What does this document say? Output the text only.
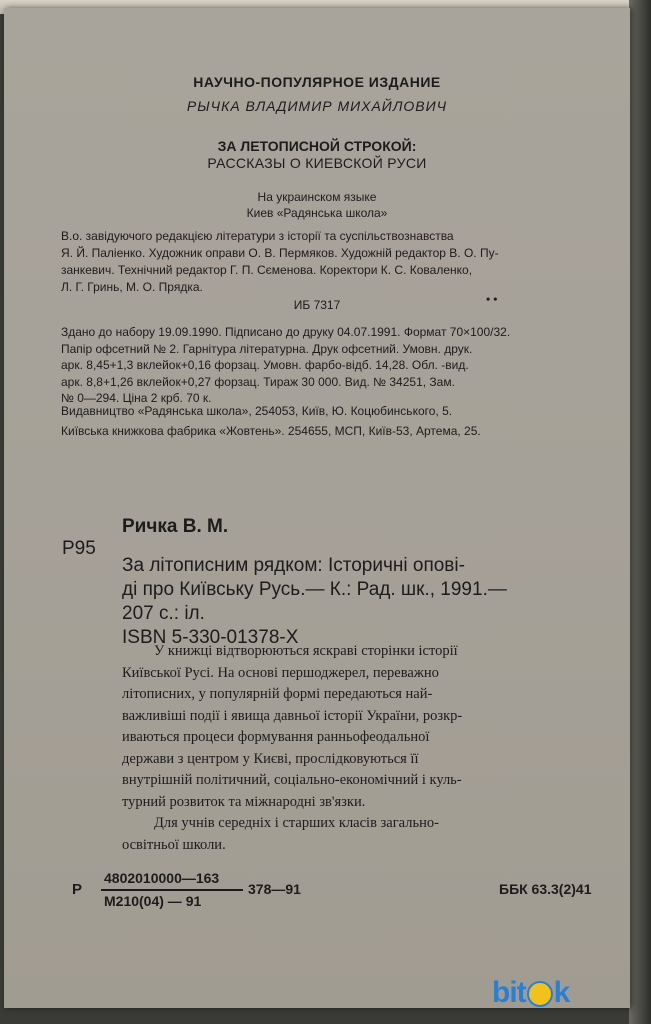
НАУЧНО-ПОПУЛЯРНОЕ ИЗДАНИЕ
РЫЧКА ВЛАДИМИР МИХАЙЛОВИЧ
ЗА ЛЕТОПИСНОЙ СТРОКОЙ:
РАССКАЗЫ О КИЕВСКОЙ РУСИ
На украинском языке
Киев «Радянська школа»
В.о. завідуючого редакцією літератури з історії та суспільствознавства
Я. Й. Паліенко. Художник оправи О. В. Пермяков. Художній редактор В. О. Пу-
занкевич. Технічний редактор Г. П. Сєменова. Коректори К. С. Коваленко,
Л. Г. Гринь, М. О. Прядка.
ИБ 7317	• •
Здано до набору 19.09.1990. Підписано до друку 04.07.1991. Формат 70×100/32.
Папір офсетний № 2. Гарнітура літературна. Друк офсетний. Умовн. друк.
арк. 8,45+1,3 вклейок+0,16 форзац. Умовн. фарбо-відб. 14,28. Обл. -вид.
арк. 8,8+1,26 вклейок+0,27 форзац. Тираж 30 000. Вид. № 34251, Зам.
№ 0—294. Ціна 2 крб. 70 к.
Видавництво «Радянська школа», 254053, Київ, Ю. Коцюбинського, 5.
Київська книжкова фабрика «Жовтень». 254655, МСП, Київ-53, Артема, 25.
Ричка В. М.
Р95
За літописним рядком: Історичні опові-
ді про Київську Русь.— К.: Рад. шк., 1991.—
207 с.: іл.
ISBN 5-330-01378-X
У книжці відтворюються яскраві сторінки історії
Київської Русі. На основі першоджерел, переважно
літописних, у популярній формі передаються най-
важливіші події і явища давньої історії України, розкр-
иваються процеси формування ранньофеодальної
держави з центром у Києві, прослідковуються її
внутрішній політичний, соціально-економічний і куль-
турний розвиток та міжнародні зв'язки.
Для учнів середніх і старших класів загально-
освітньої школи.
Р
4802010000—163
М210(04) — 91
378—91	ББК 63.3(2)41
bit k
